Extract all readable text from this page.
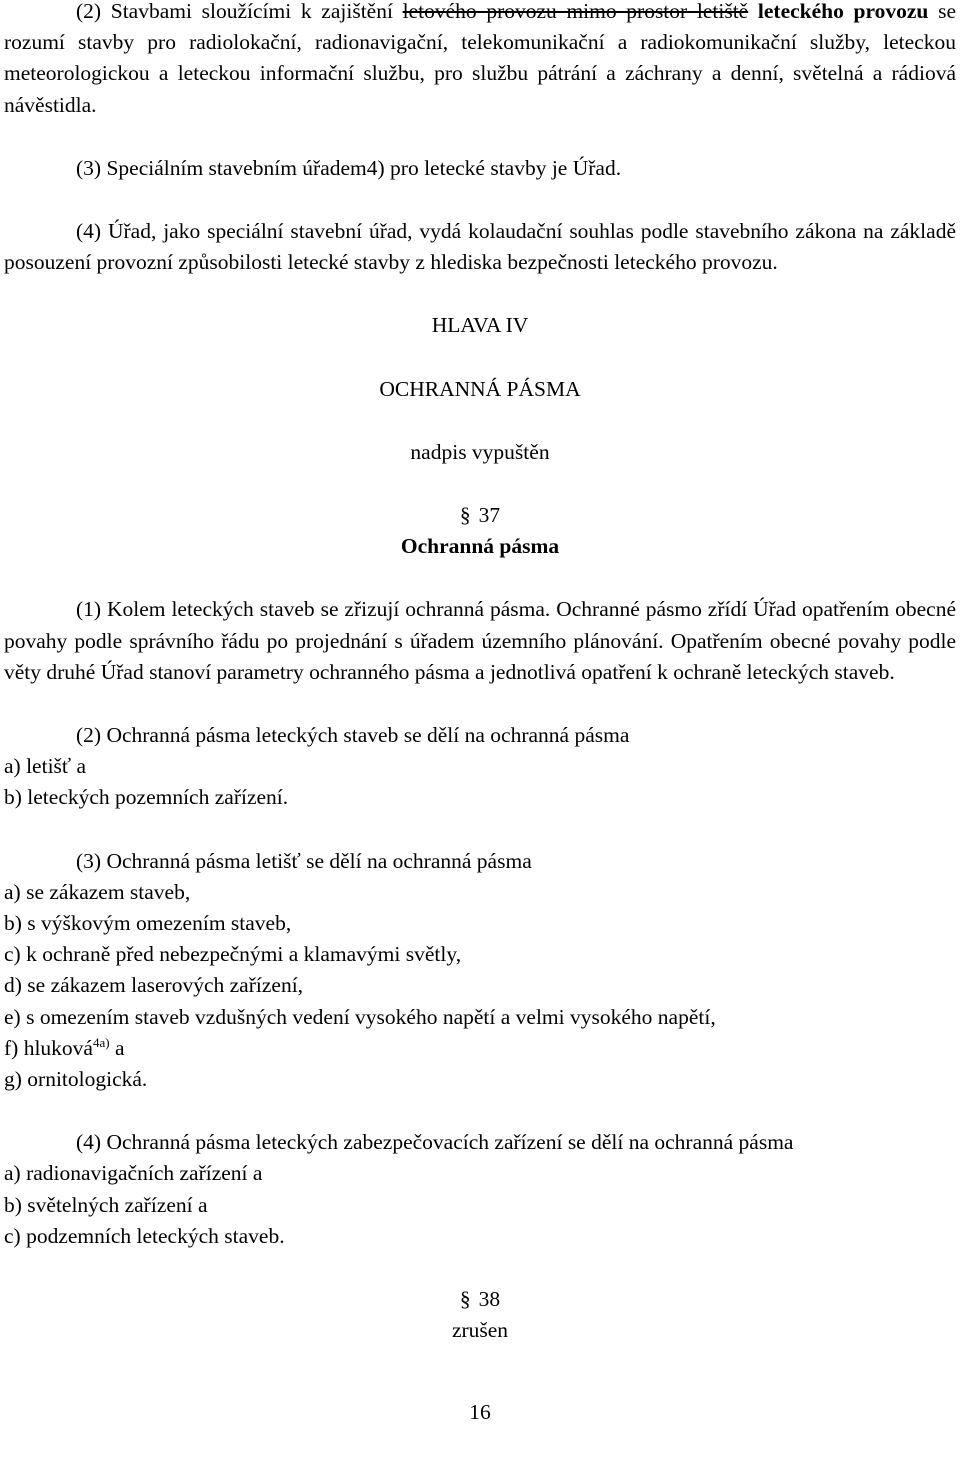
(2) Stavbami sloužícími k zajištění letového provozu mimo prostor letiště leteckého provozu se rozumí stavby pro radiolokační, radionavigační, telekomunikační a radiokomunikační služby, leteckou meteorologickou a leteckou informační službu, pro službu pátrání a záchrany a denní, světelná a rádiová návěstidla.

(3) Speciálním stavebním úřadem4) pro letecké stavby je Úřad.

(4) Úřad, jako speciální stavební úřad, vydá kolaudační souhlas podle stavebního zákona na základě posouzení provozní způsobilosti letecké stavby z hlediska bezpečnosti leteckého provozu.

HLAVA IV

OCHRANNÁ PÁSMA

nadpis vypuštěn

§ 37

Ochranná pásma

(1) Kolem leteckých staveb se zřizují ochranná pásma. Ochranné pásmo zřídí Úřad opatřením obecné povahy podle správního řádu po projednání s úřadem územního plánování. Opatřením obecné povahy podle věty druhé Úřad stanoví parametry ochranného pásma a jednotlivá opatření k ochraně leteckých staveb.

(2) Ochranná pásma leteckých staveb se dělí na ochranná pásma

a) letišť a

b) leteckých pozemních zařízení.

(3) Ochranná pásma letišť se dělí na ochranná pásma

a) se zákazem staveb,

b) s výškovým omezením staveb,

c) k ochraně před nebezpečnými a klamavými světly,

d) se zákazem laserových zařízení,

e) s omezením staveb vzdušných vedení vysokého napětí a velmi vysokého napětí,

f) hluková$^{4a)}$ a

g) ornitologická.

(4) Ochranná pásma leteckých zabezpečovacích zařízení se dělí na ochranná pásma

a) radionavigačních zařízení a

b) světelných zařízení a

c) podzemních leteckých staveb.

§ 38

zrušen

16
